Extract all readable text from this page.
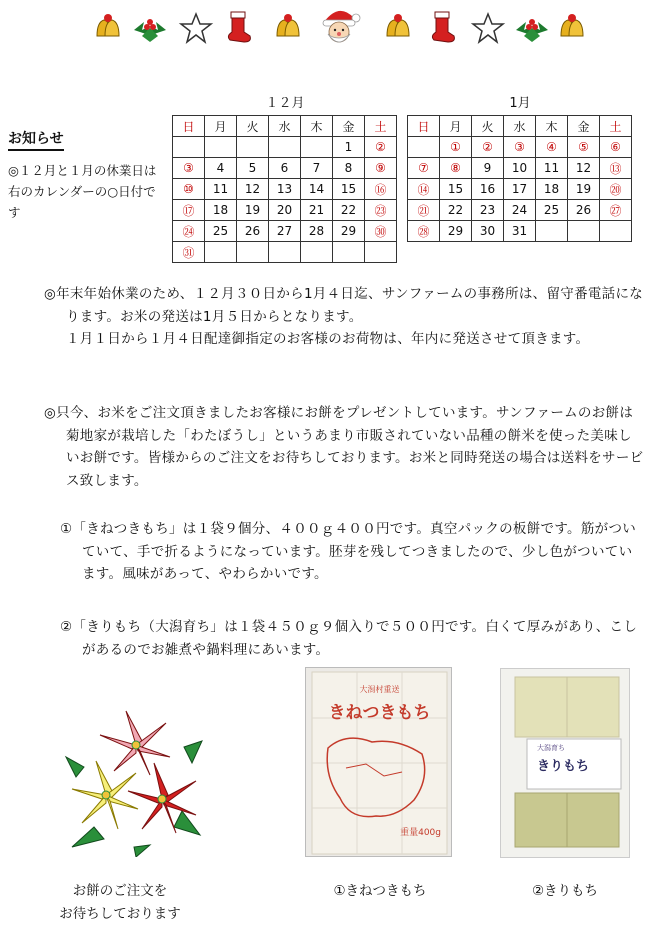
お知らせ
◎１２月と１月の休業日は右のカレンダーの○日付です
１２月
日	月	火	水	木	金	土
					1	②
③	4	5	6	7	8	⑨
⑩	11	12	13	14	15	⑯
⑰	18	19	20	21	22	㉓
㉔	25	26	27	28	29	㉚
㉛						
1月
日	月	火	水	木	金	土
	①	②	③	④	⑤	⑥
⑦	⑧	9	10	11	12	⑬
⑭	15	16	17	18	19	⑳
㉑	22	23	24	25	26	㉗
㉘	29	30	31			
◎年末年始休業のため、１２月３０日から1月４日迄、サンファームの事務所は、留守番電話になります。お米の発送は1月５日からとなります。
１月１日から１月４日配達御指定のお客様のお荷物は、年内に発送させて頂きます。
◎只今、お米をご注文頂きましたお客様にお餅をプレゼントしています。サンファームのお餅は菊地家が栽培した「わたぼうし」というあまり市販されていない品種の餅米を使った美味しいお餅です。皆様からのご注文をお待ちしております。お米と同時発送の場合は送料をサービス致します。
①「きねつきもち」は１袋９個分、４００ｇ４００円です。真空パックの板餅です。筋がついていて、手で折るようになっています。胚芽を残してつきましたので、少し色がついています。風味があって、やわらかいです。
②「きりもち（大潟育ち」は１袋４５０ｇ９個入りで５００円です。白くて厚みがあり、こしがあるのでお雑煮や鍋料理にあいます。
大潟村重送
きねつきもち
重量400g
大潟育ち
きりもち
お餅のご注文を
お待ちしております
①きねつきもち	②きりもち
